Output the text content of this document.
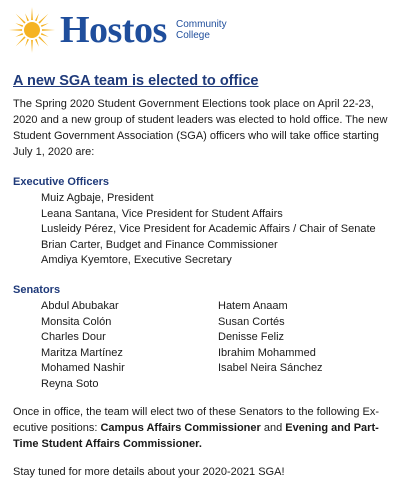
Hostos Community
College
A new SGA team is elected to office

The Spring 2020 Student Government Elections took place on April 22-23, 2020 and a new group of student leaders was elected to hold office. The new Student Government Association (SGA) officers who will take office starting July 1, 2020 are:

Executive Officers
Muiz Agbaje, President
Leana Santana, Vice President for Student Affairs
Lusleidy Pérez, Vice President for Academic Affairs / Chair of Senate
Brian Carter, Budget and Finance Commissioner
Amdiya Kyemtore, Executive Secretary
Senators
Abdul Abubakar
Monsita Colón
Charles Dour
Maritza Martínez
Mohamed Nashir
Reyna Soto
Hatem Anaam
Susan Cortés
Denisse Feliz
Ibrahim Mohammed
Isabel Neira Sánchez

Once in office, the team will elect two of these Senators to the following Ex-ecutive positions: Campus Affairs Commissioner and Evening and Part-Time Student Affairs Commissioner.

Stay tuned for more details about your 2020-2021 SGA!
